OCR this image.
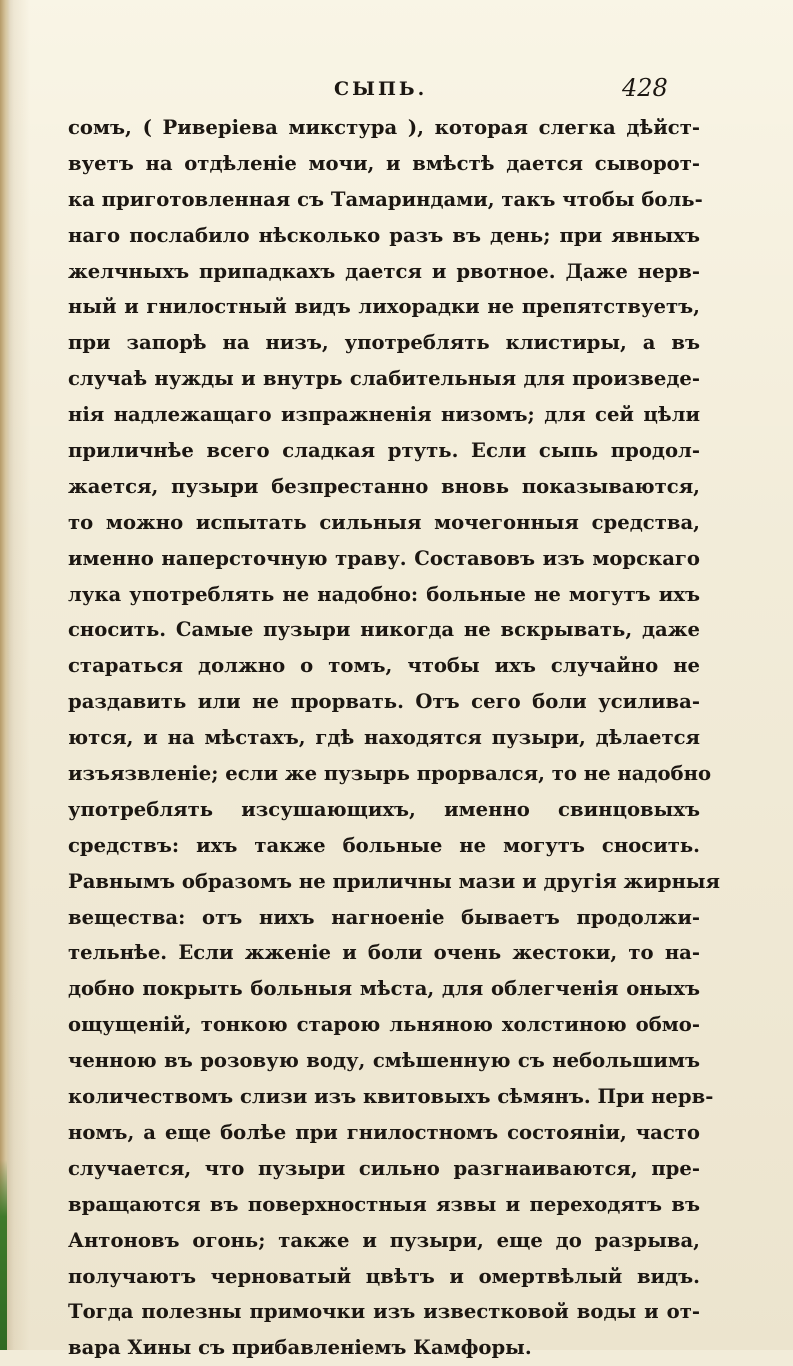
СЫПЬ.	428
сомъ, ( Риверіева микстура ), которая слегка дѣйст-
вуетъ на отдѣленіе мочи, и вмѣстѣ дается сыворот-
ка приготовленная съ Тамариндами, такъ чтобы боль-
наго послабило нѣсколько разъ въ день; при явныхъ
желчныхъ припадкахъ дается и рвотное. Даже нерв-
ный и гнилостный видъ лихорадки не препятствуетъ,
при запорѣ на низъ, употреблять клистиры, а въ
случаѣ нужды и внутрь слабительныя для произведе-
нія надлежащаго изпражненія низомъ; для сей цѣли
приличнѣе всего сладкая ртуть. Если сыпь продол-
жается, пузыри безпрестанно вновь показываются,
то можно испытать сильныя мочегонныя средства,
именно наперсточную траву. Составовъ изъ морскаго
лука употреблять не надобно: больные не могутъ ихъ
сносить. Самые пузыри никогда не вскрывать, даже
стараться должно о томъ, чтобы ихъ случайно не
раздавить или не прорвать. Отъ сего боли усилива-
ются, и на мѣстахъ, гдѣ находятся пузыри, дѣлается
изъязвленіе; если же пузырь прорвался, то не надобно
употреблять изсушающихъ, именно свинцовыхъ
средствъ: ихъ также больные не могутъ сносить.
Равнымъ образомъ не приличны мази и другія жирныя
вещества: отъ нихъ нагноеніе бываетъ продолжи-
тельнѣе. Если жженіе и боли очень жестоки, то на-
добно покрыть больныя мѣста, для облегченія оныхъ
ощущеній, тонкою старою льняною холстиною обмо-
ченною въ розовую воду, смѣшенную съ небольшимъ
количествомъ слизи изъ квитовыхъ сѣмянъ. При нерв-
номъ, а еще болѣе при гнилостномъ состояніи, часто
случается, что пузыри сильно разгнаиваются, пре-
вращаются въ поверхностныя язвы и переходятъ въ
Антоновъ огонь; также и пузыри, еще до разрыва,
получаютъ черноватый цвѣтъ и омертвѣлый видъ.
Тогда полезны примочки изъ известковой воды и от-
вара Хины съ прибавленіемъ Камфоры.
